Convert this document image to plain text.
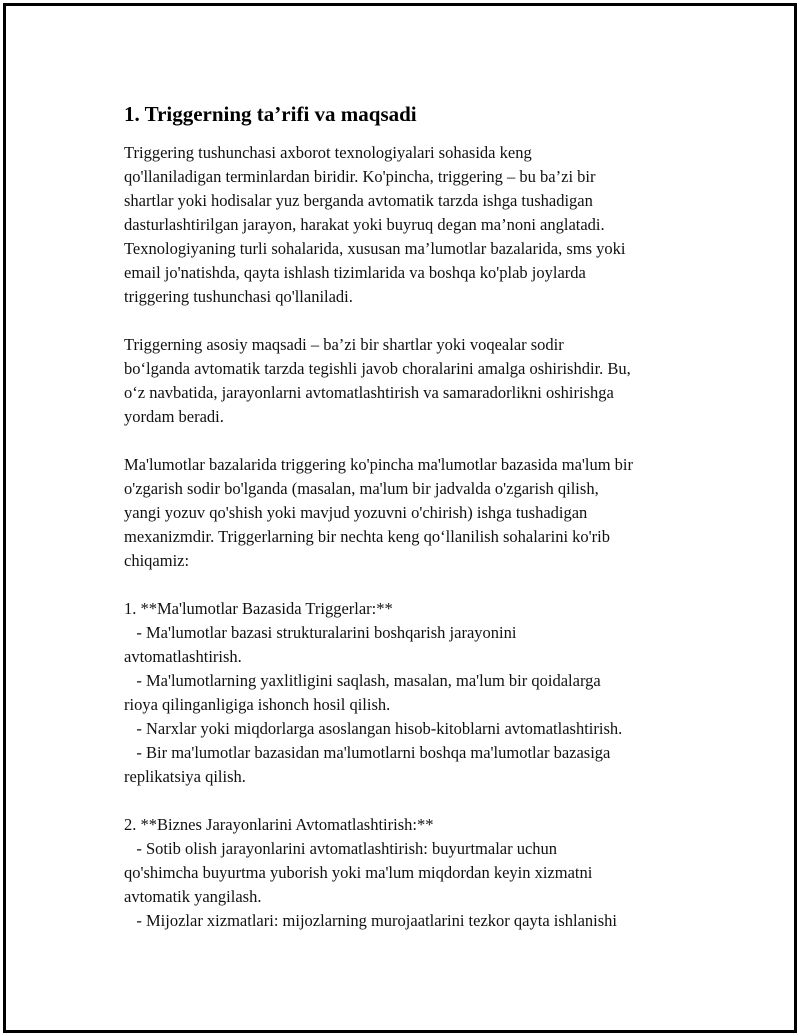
1. Triggerning ta’rifi va maqsadi
Triggering tushunchasi axborot texnologiyalari sohasida keng
qo'llaniladigan terminlardan biridir. Ko'pincha, triggering – bu ba’zi bir
shartlar yoki hodisalar yuz berganda avtomatik tarzda ishga tushadigan
dasturlashtirilgan jarayon, harakat yoki buyruq degan ma’noni anglatadi.
Texnologiyaning turli sohalarida, xususan ma’lumotlar bazalarida, sms yoki
email jo'natishda, qayta ishlash tizimlarida va boshqa ko'plab joylarda
triggering tushunchasi qo'llaniladi.
Triggerning asosiy maqsadi – ba’zi bir shartlar yoki voqealar sodir
bo‘lganda avtomatik tarzda tegishli javob choralarini amalga oshirishdir. Bu,
o‘z navbatida, jarayonlarni avtomatlashtirish va samaradorlikni oshirishga
yordam beradi.
Ma'lumotlar bazalarida triggering ko'pincha ma'lumotlar bazasida ma'lum bir
o'zgarish sodir bo'lganda (masalan, ma'lum bir jadvalda o'zgarish qilish,
yangi yozuv qo'shish yoki mavjud yozuvni o'chirish) ishga tushadigan
mexanizmdir. Triggerlarning bir nechta keng qo‘llanilish sohalarini ko'rib
chiqamiz:
1. **Ma'lumotlar Bazasida Triggerlar:**
- Ma'lumotlar bazasi strukturalarini boshqarish jarayonini
avtomatlashtirish.
- Ma'lumotlarning yaxlitligini saqlash, masalan, ma'lum bir qoidalarga
rioya qilinganligiga ishonch hosil qilish.
- Narxlar yoki miqdorlarga asoslangan hisob-kitoblarni avtomatlashtirish.
- Bir ma'lumotlar bazasidan ma'lumotlarni boshqa ma'lumotlar bazasiga
replikatsiya qilish.
2. **Biznes Jarayonlarini Avtomatlashtirish:**
- Sotib olish jarayonlarini avtomatlashtirish: buyurtmalar uchun
qo'shimcha buyurtma yuborish yoki ma'lum miqdordan keyin xizmatni
avtomatik yangilash.
- Mijozlar xizmatlari: mijozlarning murojaatlarini tezkor qayta ishlanishi
